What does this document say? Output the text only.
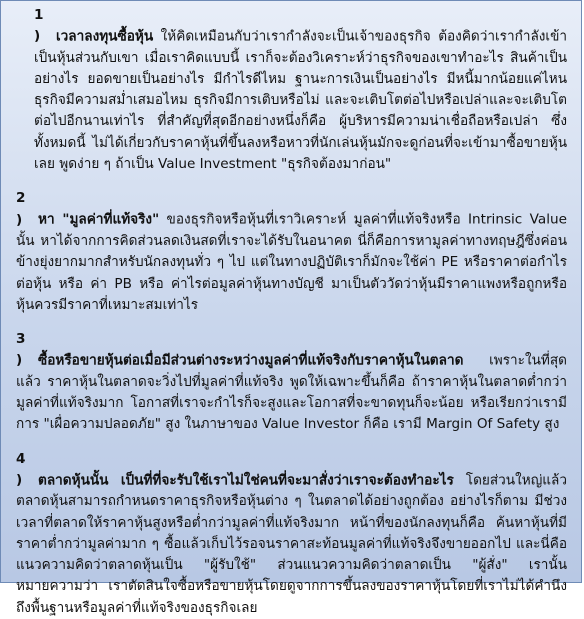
1) เวลาลงทุนซื้อหุ้น ให้คิดเหมือนกับว่าเรากำลังจะเป็นเจ้าของธุรกิจ ต้องคิดว่าเรากำลังเข้าเป็นหุ้นส่วนกับเขา เมื่อเราคิดแบบนี้ เราก็จะต้องวิเคราะห์ว่าธุรกิจของเขาทำอะไร สินค้าเป็นอย่างไร ยอดขายเป็นอย่างไร มีกำไรดีไหม ฐานะการเงินเป็นอย่างไร มีหนี้มากน้อยแค่ไหน ธุรกิจมีความสม่ำเสมอไหม ธุรกิจมีการเติบหรือไม่ และจะเติบโตต่อไปหรือเปล่าและจะเติบโตต่อไปอีกนานเท่าไร ที่สำคัญที่สุดอีกอย่างหนึ่งก็คือ ผู้บริหารมีความน่าเชื่อถือหรือเปล่า ซึ่งทั้งหมดนี้ ไม่ได้เกี่ยวกับราคาหุ้นที่ขึ้นลงหรือหาวที่นักเล่นหุ้นมักจะดูก่อนที่จะเข้ามาซื้อขายหุ้นเลย พูดง่าย ๆ ถ้าเป็น Value Investment "ธุรกิจต้องมาก่อน"

2) หา "มูลค่าที่แท้จริง" ของธุรกิจหรือหุ้นที่เราวิเคราะห์ มูลค่าที่แท้จริงหรือ Intrinsic Value นั้น หาได้จากการคิดส่วนลดเงินสดที่เราจะได้รับในอนาคต นี่ก็คือการหามูลค่าทางทฤษฎีซึ่งค่อนข้างยุ่งยากมากสำหรับนักลงทุนทั่ว ๆ ไป แต่ในทางปฏิบัติเราก็มักจะใช้ค่า PE หรือราคาต่อกำไรต่อหุ้น หรือ ค่า PB หรือ ค่าไรต่อมูลค่าหุ้นทางบัญชี มาเป็นตัววัดว่าหุ้นมีราคาแพงหรือถูกหรือหุ้นควรมีราคาที่เหมาะสมเท่าไร

3) ซื้อหรือขายหุ้นต่อเมื่อมีส่วนต่างระหว่างมูลค่าที่แท้จริงกับราคาหุ้นในตลาด เพราะในที่สุดแล้ว ราคาหุ้นในตลาดจะวิ่งไปที่มูลค่าที่แท้จริง พูดให้เฉพาะขึ้นก็คือ ถ้าราคาหุ้นในตลาดต่ำกว่ามูลค่าที่แท้จริงมาก โอกาสที่เราจะกำไรก็จะสูงและโอกาสที่จะขาดทุนก็จะน้อย หรือเรียกว่าเรามีการ "เผื่อความปลอดภัย" สูง ในภาษาของ Value Investor ก็คือ เรามี Margin Of Safety สูง

4) ตลาดหุ้นนั้น เป็นที่ที่จะรับใช้เราไม่ใช่คนที่จะมาสั่งว่าเราจะต้องทำอะไร โดยส่วนใหญ่แล้ว ตลาดหุ้นสามารถกำหนดราคาธุรกิจหรือหุ้นต่าง ๆ ในตลาดได้อย่างถูกต้อง อย่างไรก็ตาม มีช่วงเวลาที่ตลาดให้ราคาหุ้นสูงหรือต่ำกว่ามูลค่าที่แท้จริงมาก หน้าที่ของนักลงทุนก็คือ ค้นหาหุ้นที่มีราคาต่ำกว่ามูลค่ามาก ๆ ซื้อแล้วเก็บไว้รอจนราคาสะท้อนมูลค่าที่แท้จริงจึงขายออกไป และนี่คือแนวความคิดว่าตลาดหุ้นเป็น "ผู้รับใช้" ส่วนแนวความคิดว่าตลาดเป็น "ผู้สั่ง" เรานั้น หมายความว่า เราตัดสินใจซื้อหรือขายหุ้นโดยดูจากการขึ้นลงของราคาหุ้นโดยที่เราไม่ได้คำนึงถึงพื้นฐานหรือมูลค่าที่แท้จริงของธุรกิจเลย
